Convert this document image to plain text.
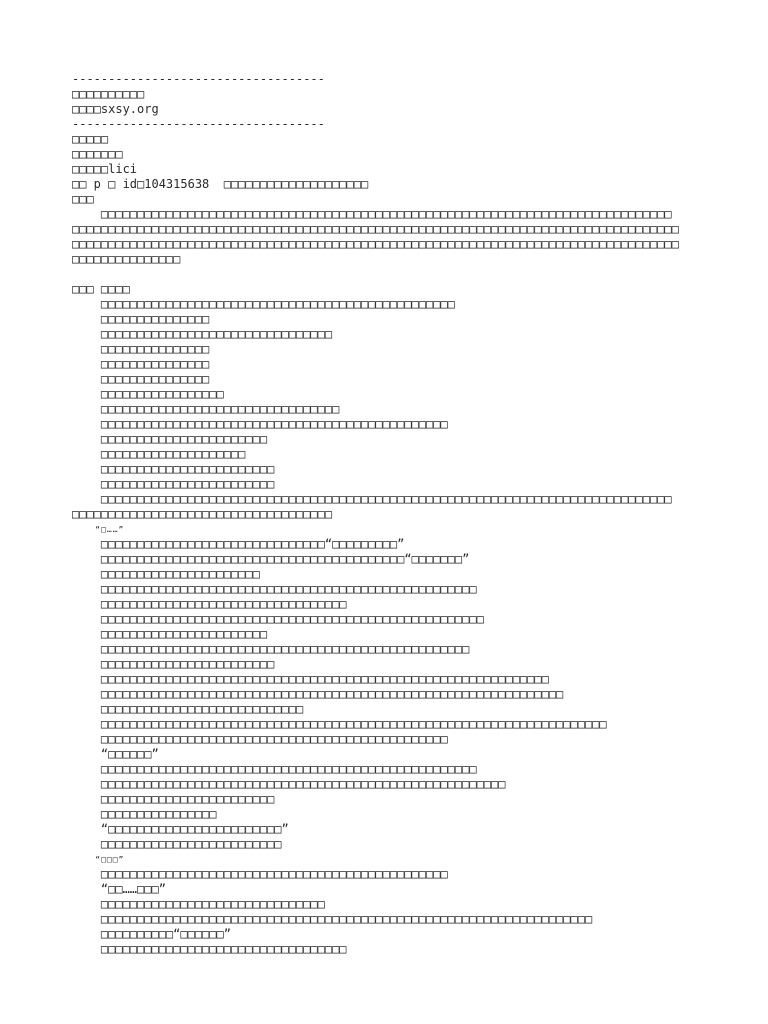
-----------------------------------
□□□□□□□□□□
□□□□sxsy.org
-----------------------------------
□□□□□
□□□□□□□
□□□□□lici
□□ p □ id□104315638  □□□□□□□□□□□□□□□□□□□□
□□□
□□□□□□□□□□□□□□□□□□□□□□□□□□□□□□□□□□□□□□□□□□□□□□□□□□□□□□□□□□□□□□□□□□□□□□□□□□□□□□□
□□□□□□□□□□□□□□□□□□□□□□□□□□□□□□□□□□□□□□□□□□□□□□□□□□□□□□□□□□□□□□□□□□□□□□□□□□□□□□□□□□□□
□□□□□□□□□□□□□□□□□□□□□□□□□□□□□□□□□□□□□□□□□□□□□□□□□□□□□□□□□□□□□□□□□□□□□□□□□□□□□□□□□□□□
□□□□□□□□□□□□□□□
□□□ □□□□
□□□□□□□□□□□□□□□□□□□□□□□□□□□□□□□□□□□□□□□□□□□□□□□□□
□□□□□□□□□□□□□□□
□□□□□□□□□□□□□□□□□□□□□□□□□□□□□□□□
□□□□□□□□□□□□□□□
□□□□□□□□□□□□□□□
□□□□□□□□□□□□□□□
□□□□□□□□□□□□□□□□□
□□□□□□□□□□□□□□□□□□□□□□□□□□□□□□□□□
□□□□□□□□□□□□□□□□□□□□□□□□□□□□□□□□□□□□□□□□□□□□□□□□
□□□□□□□□□□□□□□□□□□□□□□□
□□□□□□□□□□□□□□□□□□□□
□□□□□□□□□□□□□□□□□□□□□□□□
□□□□□□□□□□□□□□□□□□□□□□□□
□□□□□□□□□□□□□□□□□□□□□□□□□□□□□□□□□□□□□□□□□□□□□□□□□□□□□□□□□□□□□□□□□□□□□□□□□□□□□□□
□□□□□□□□□□□□□□□□□□□□□□□□□□□□□□□□□□□□
“□……”
□□□□□□□□□□□□□□□□□□□□□□□□□□□□□□□“□□□□□□□□□”
□□□□□□□□□□□□□□□□□□□□□□□□□□□□□□□□□□□□□□□□□□“□□□□□□□”
□□□□□□□□□□□□□□□□□□□□□□
□□□□□□□□□□□□□□□□□□□□□□□□□□□□□□□□□□□□□□□□□□□□□□□□□□□□
□□□□□□□□□□□□□□□□□□□□□□□□□□□□□□□□□□
□□□□□□□□□□□□□□□□□□□□□□□□□□□□□□□□□□□□□□□□□□□□□□□□□□□□□
□□□□□□□□□□□□□□□□□□□□□□□
□□□□□□□□□□□□□□□□□□□□□□□□□□□□□□□□□□□□□□□□□□□□□□□□□□□
□□□□□□□□□□□□□□□□□□□□□□□□
□□□□□□□□□□□□□□□□□□□□□□□□□□□□□□□□□□□□□□□□□□□□□□□□□□□□□□□□□□□□□□
□□□□□□□□□□□□□□□□□□□□□□□□□□□□□□□□□□□□□□□□□□□□□□□□□□□□□□□□□□□□□□□□
□□□□□□□□□□□□□□□□□□□□□□□□□□□□
□□□□□□□□□□□□□□□□□□□□□□□□□□□□□□□□□□□□□□□□□□□□□□□□□□□□□□□□□□□□□□□□□□□□□□
□□□□□□□□□□□□□□□□□□□□□□□□□□□□□□□□□□□□□□□□□□□□□□□□
“□□□□□□”
□□□□□□□□□□□□□□□□□□□□□□□□□□□□□□□□□□□□□□□□□□□□□□□□□□□□
□□□□□□□□□□□□□□□□□□□□□□□□□□□□□□□□□□□□□□□□□□□□□□□□□□□□□□□□
□□□□□□□□□□□□□□□□□□□□□□□□
□□□□□□□□□□□□□□□□
“□□□□□□□□□□□□□□□□□□□□□□□□”
□□□□□□□□□□□□□□□□□□□□□□□□□
“□□□”
□□□□□□□□□□□□□□□□□□□□□□□□□□□□□□□□□□□□□□□□□□□□□□□□
“□□……□□□”
□□□□□□□□□□□□□□□□□□□□□□□□□□□□□□□
□□□□□□□□□□□□□□□□□□□□□□□□□□□□□□□□□□□□□□□□□□□□□□□□□□□□□□□□□□□□□□□□□□□□
□□□□□□□□□□“□□□□□□”
□□□□□□□□□□□□□□□□□□□□□□□□□□□□□□□□□□
